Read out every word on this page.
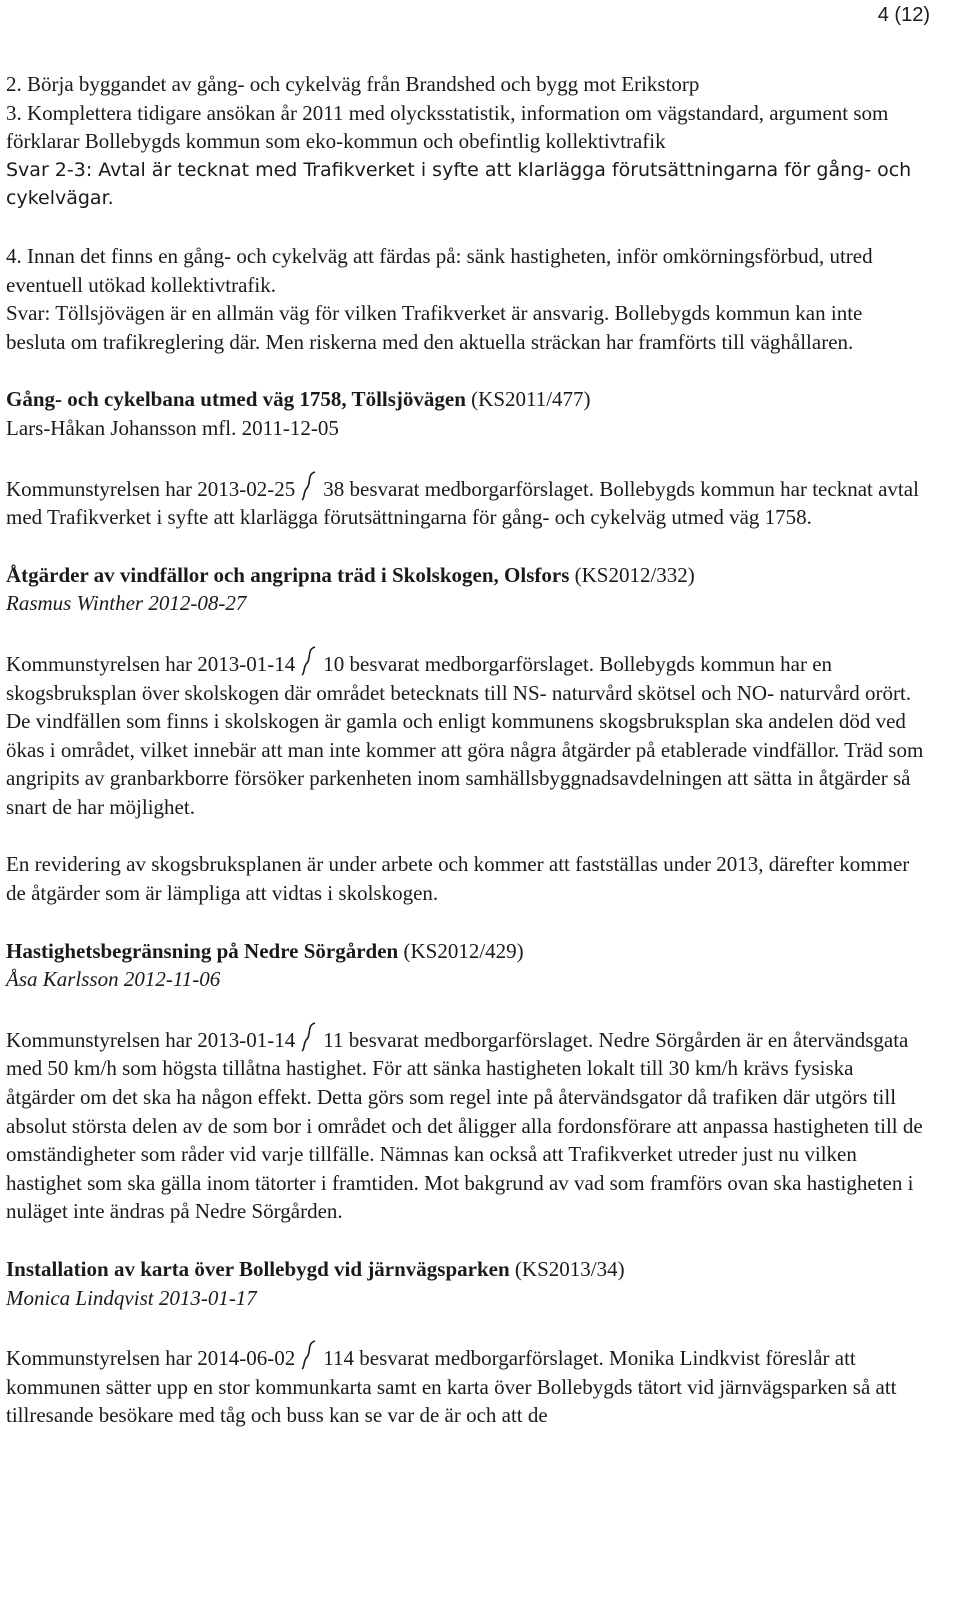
4 (12)

2. Börja byggandet av gång- och cykelväg från Brandshed och bygg mot Erikstorp

3. Komplettera tidigare ansökan år 2011 med olycksstatistik, information om vägstandard, argument som förklarar Bollebygds kommun som eko-kommun och obefintlig kollektivtrafik

Svar 2-3: Avtal är tecknat med Trafikverket i syfte att klarlägga förutsättningarna för gång- och cykelvägar.

4. Innan det finns en gång- och cykelväg att färdas på: sänk hastigheten, inför omkörningsförbud, utred eventuell utökad kollektivtrafik.

Svar: Töllsjövägen är en allmän väg för vilken Trafikverket är ansvarig. Bollebygds kommun kan inte besluta om trafikreglering där. Men riskerna med den aktuella sträckan har framförts till väghållaren.

Gång- och cykelbana utmed väg 1758, Töllsjövägen (KS2011/477)

Lars-Håkan Johansson mfl. 2011-12-05

Kommunstyrelsen har 2013-02-25 38 besvarat medborgarförslaget. Bollebygds kommun har tecknat avtal med Trafikverket i syfte att klarlägga förutsättningarna för gång- och cykelväg utmed väg 1758.

Åtgärder av vindfällor och angripna träd i Skolskogen, Olsfors (KS2012/332)

Rasmus Winther 2012-08-27

Kommunstyrelsen har 2013-01-14 10 besvarat medborgarförslaget. Bollebygds kommun har en skogsbruksplan över skolskogen där området betecknats till NS- naturvård skötsel och NO- naturvård orört. De vindfällen som finns i skolskogen är gamla och enligt kommunens skogsbruksplan ska andelen död ved ökas i området, vilket innebär att man inte kommer att göra några åtgärder på etablerade vindfällor. Träd som angripits av granbarkborre försöker parkenheten inom samhällsbyggnadsavdelningen att sätta in åtgärder så snart de har möjlighet.

En revidering av skogsbruksplanen är under arbete och kommer att fastställas under 2013, därefter kommer de åtgärder som är lämpliga att vidtas i skolskogen.

Hastighetsbegränsning på Nedre Sörgården (KS2012/429)

Åsa Karlsson 2012-11-06

Kommunstyrelsen har 2013-01-14 11 besvarat medborgarförslaget. Nedre Sörgården är en återvändsgata med 50 km/h som högsta tillåtna hastighet. För att sänka hastigheten lokalt till 30 km/h krävs fysiska åtgärder om det ska ha någon effekt. Detta görs som regel inte på återvändsgator då trafiken där utgörs till absolut största delen av de som bor i området och det åligger alla fordonsförare att anpassa hastigheten till de omständigheter som råder vid varje tillfälle. Nämnas kan också att Trafikverket utreder just nu vilken hastighet som ska gälla inom tätorter i framtiden. Mot bakgrund av vad som framförs ovan ska hastigheten i nuläget inte ändras på Nedre Sörgården.

Installation av karta över Bollebygd vid järnvägsparken (KS2013/34)

Monica Lindqvist 2013-01-17

Kommunstyrelsen har 2014-06-02 114 besvarat medborgarförslaget. Monika Lindkvist föreslår att kommunen sätter upp en stor kommunkarta samt en karta över Bollebygds tätort vid järnvägsparken så att tillresande besökare med tåg och buss kan se var de är och att de
